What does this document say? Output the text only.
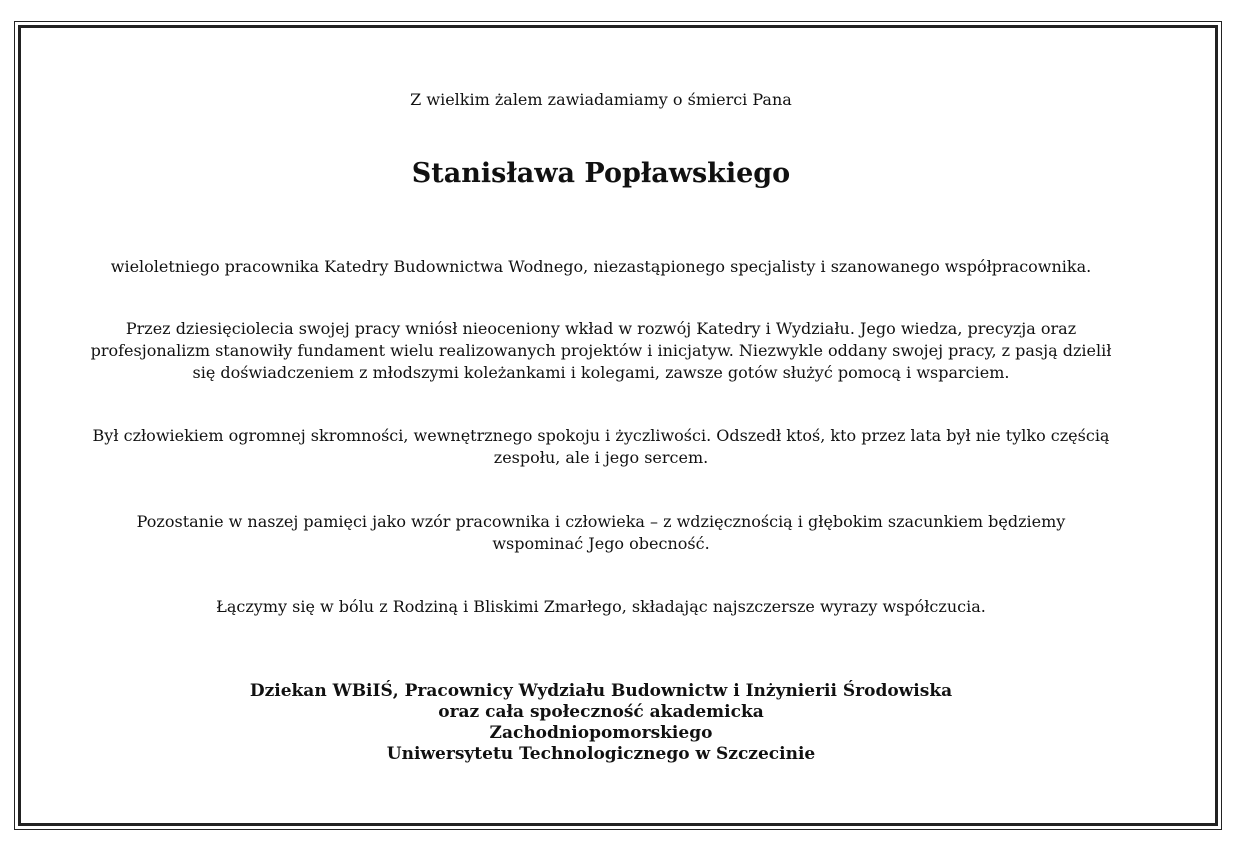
Z wielkim żalem zawiadamiamy o śmierci Pana

Stanisława Popławskiego

wieloletniego pracownika Katedry Budownictwa Wodnego, niezastąpionego specjalisty i szanowanego współpracownika.

Przez dziesięciolecia swojej pracy wniósł nieoceniony wkład w rozwój Katedry i Wydziału. Jego wiedza, precyzja oraz profesjonalizm stanowiły fundament wielu realizowanych projektów i inicjatyw. Niezwykle oddany swojej pracy, z pasją dzielił się doświadczeniem z młodszymi koleżankami i kolegami, zawsze gotów służyć pomocą i wsparciem.

Był człowiekiem ogromnej skromności, wewnętrznego spokoju i życzliwości. Odszedł ktoś, kto przez lata był nie tylko częścią zespołu, ale i jego sercem.

Pozostanie w naszej pamięci jako wzór pracownika i człowieka – z wdzięcznością i głębokim szacunkiem będziemy wspominać Jego obecność.

Łączymy się w bólu z Rodziną i Bliskimi Zmarłego, składając najszczersze wyrazy współczucia.

Dziekan WBiIŚ, Pracownicy Wydziału Budownictw i Inżynierii Środowiska
oraz cała społeczność akademicka
Zachodniopomorskiego
Uniwersytetu Technologicznego w Szczecinie
